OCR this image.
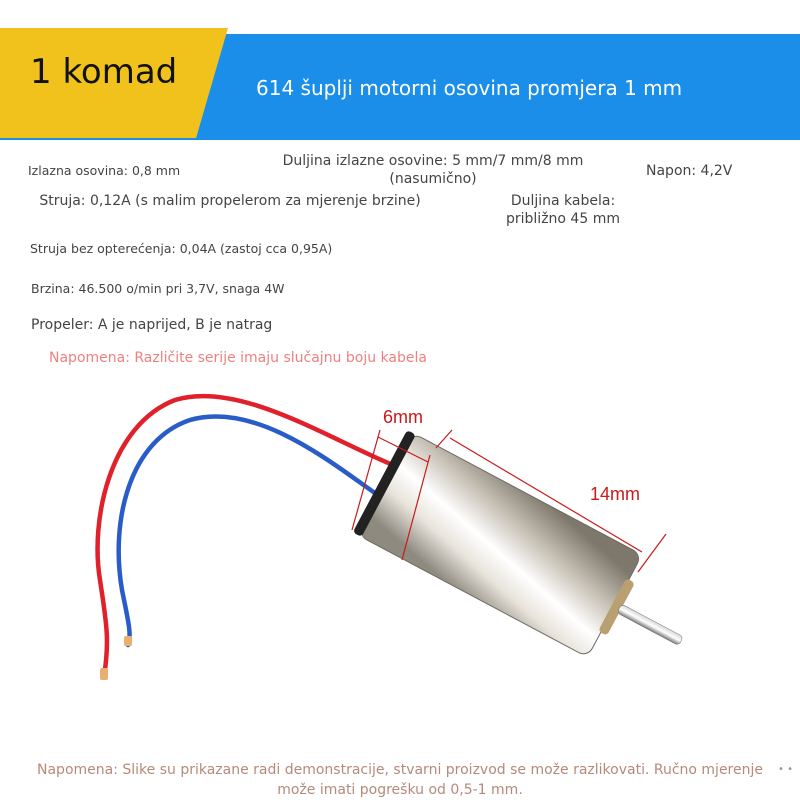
1 komad	614 šuplji motorni osovina promjera 1 mm
Izlazna osovina: 0,8 mm
Duljina izlazne osovine: 5 mm/7 mm/8 mm (nasumično)	Napon: 4,2V
Struja: 0,12A (s malim propelerom za mjerenje brzine)	Duljina kabela: približno 45 mm
Struja bez opterećenja: 0,04A (zastoj cca 0,95A)
Brzina: 46.500 o/min pri 3,7V, snaga 4W
Propeler: A je naprijed, B je natrag
Napomena: Različite serije imaju slučajnu boju kabela
6mm
14mm
Napomena: Slike su prikazane radi demonstracije, stvarni proizvod se može razlikovati. Ručno mjerenje može imati pogrešku od 0,5-1 mm.
• •
